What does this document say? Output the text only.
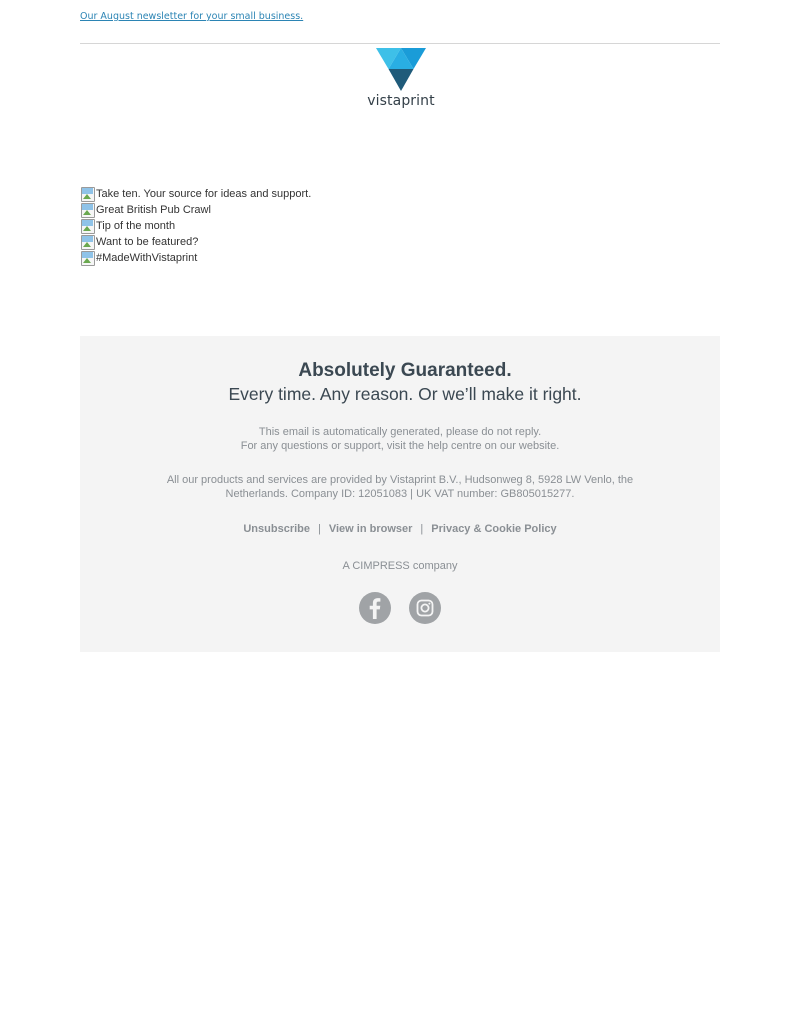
Our August newsletter for your small business.
vistaprint
Take ten. Your source for ideas and support.
Great British Pub Crawl
Tip of the month
Want to be featured?
#MadeWithVistaprint
Absolutely Guaranteed.
Every time. Any reason. Or we’ll make it right.
This email is automatically generated, please do not reply.
For any questions or support, visit the help centre on our website.
All our products and services are provided by Vistaprint B.V., Hudsonweg 8, 5928 LW Venlo, the Netherlands. Company ID: 12051083 | UK VAT number: GB805015277.
Unsubscribe | View in browser | Privacy & Cookie Policy
A CIMPRESS company
